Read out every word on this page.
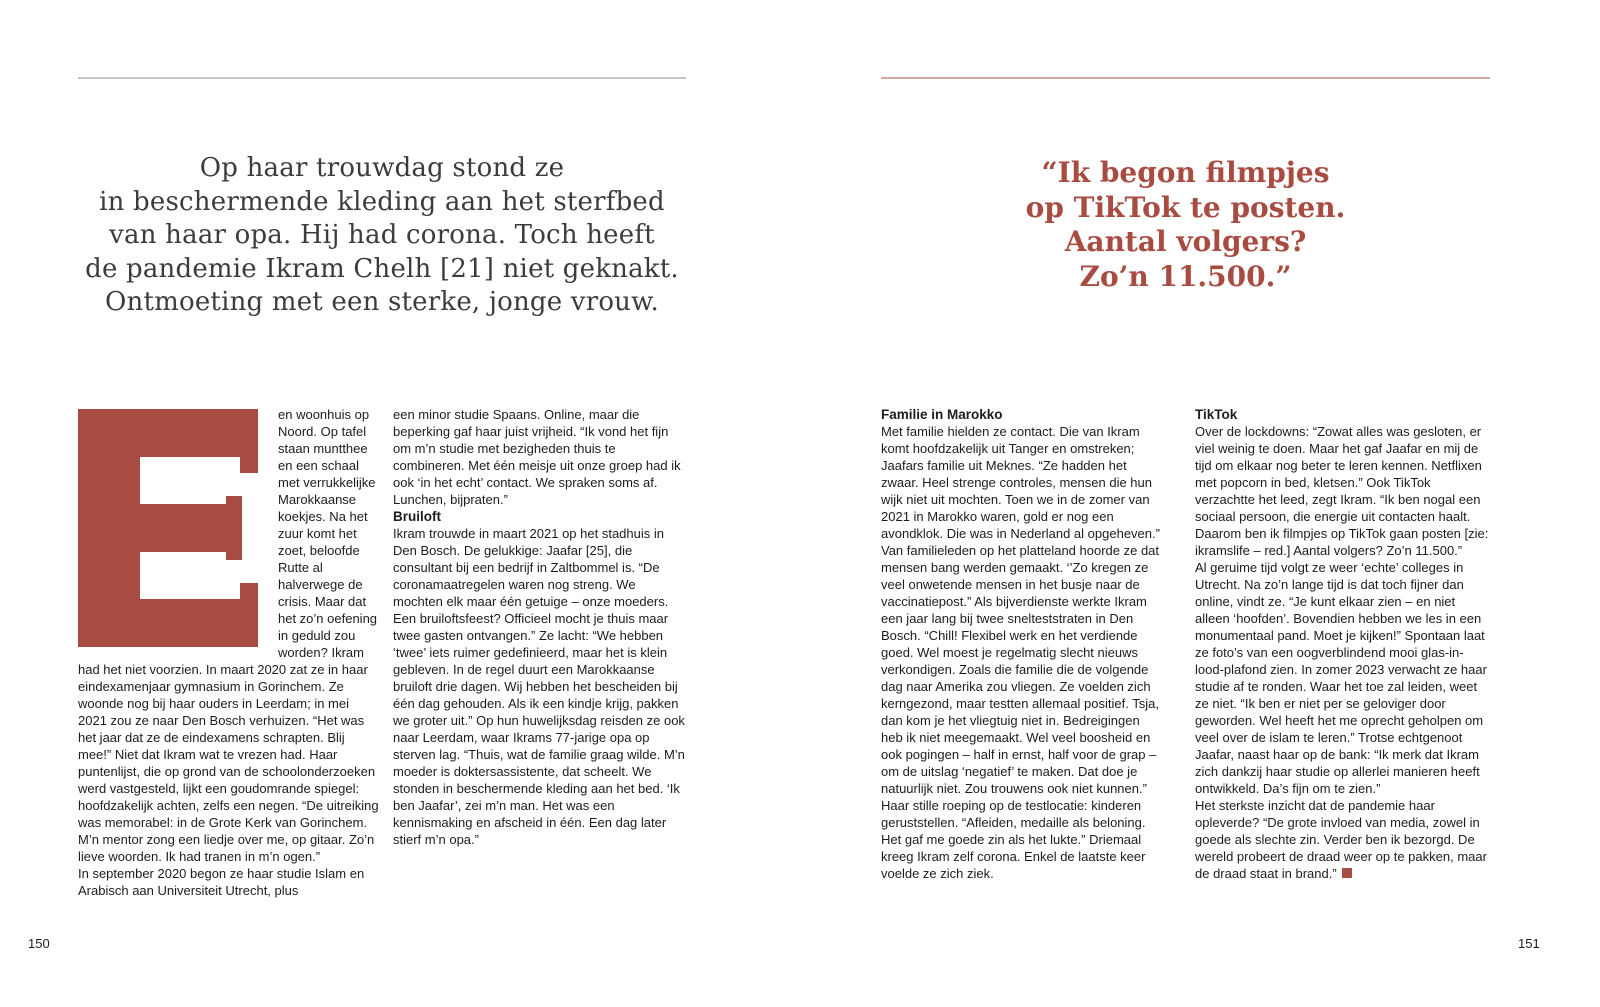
Op haar trouwdag stond ze
in beschermende kleding aan het sterfbed
van haar opa. Hij had corona. Toch heeft
de pandemie Ikram Chelh [21] niet geknakt.
Ontmoeting met een sterke, jonge vrouw.
“Ik begon filmpjes
op TikTok te posten.
Aantal volgers?
Zo’n 11.500.”

en woonhuis op Noord. Op tafel staan muntthee en een schaal met verrukkelijke Marokkaanse koekjes. Na het zuur komt het zoet, beloofde Rutte al halverwege de crisis. Maar dat het zo’n oefening in geduld zou worden? Ikram had het niet voorzien. In maart 2020 zat ze in haar eindexamenjaar gymnasium in Gorinchem. Ze woonde nog bij haar ouders in Leerdam; in mei 2021 zou ze naar Den Bosch verhuizen. “Het was het jaar dat ze de eindexamens schrapten. Blij mee!” Niet dat Ikram wat te vrezen had. Haar puntenlijst, die op grond van de schoolonderzoeken werd vastgesteld, lijkt een goudomrande spiegel: hoofdzakelijk achten, zelfs een negen. “De uitreiking was memorabel: in de Grote Kerk van Gorinchem. M’n mentor zong een liedje over me, op gitaar. Zo’n lieve woorden. Ik had tranen in m’n ogen.”

In september 2020 begon ze haar studie Islam en Arabisch aan Universiteit Utrecht, plus

een minor studie Spaans. Online, maar die beperking gaf haar juist vrijheid. “Ik vond het fijn om m’n studie met bezigheden thuis te combineren. Met één meisje uit onze groep had ik ook ‘in het echt’ contact. We spraken soms af. Lunchen, bijpraten.”

Bruiloft

Ikram trouwde in maart 2021 op het stadhuis in Den Bosch. De gelukkige: Jaafar [25], die consultant bij een bedrijf in Zaltbommel is. “De coronamaatregelen waren nog streng. We mochten elk maar één getuige – onze moeders. Een bruiloftsfeest? Officieel mocht je thuis maar twee gasten ontvangen.” Ze lacht: “We hebben ‘twee’ iets ruimer gedefinieerd, maar het is klein gebleven. In de regel duurt een Marokkaanse bruiloft drie dagen. Wij hebben het bescheiden bij één dag gehouden. Als ik een kindje krijg, pakken we groter uit.” Op hun huwelijksdag reisden ze ook naar Leerdam, waar Ikrams 77-jarige opa op sterven lag. “Thuis, wat de familie graag wilde. M’n moeder is doktersassistente, dat scheelt. We stonden in beschermende kleding aan het bed. ‘Ik ben Jaafar’, zei m’n man. Het was een kennismaking en afscheid in één. Een dag later stierf m’n opa.”

Familie in Marokko

Met familie hielden ze contact. Die van Ikram komt hoofdzakelijk uit Tanger en omstreken; Jaafars familie uit Meknes. “Ze hadden het zwaar. Heel strenge controles, mensen die hun wijk niet uit mochten. Toen we in de zomer van 2021 in Marokko waren, gold er nog een avondklok. Die was in Nederland al opgeheven.” Van familieleden op het platteland hoorde ze dat mensen bang werden gemaakt. ‘’Zo kregen ze veel onwetende mensen in het busje naar de vaccinatiepost.” Als bijverdienste werkte Ikram een jaar lang bij twee snelteststraten in Den Bosch. “Chill! Flexibel werk en het verdiende goed. Wel moest je regelmatig slecht nieuws verkondigen. Zoals die familie die de volgende dag naar Amerika zou vliegen. Ze voelden zich kerngezond, maar testten allemaal positief. Tsja, dan kom je het vliegtuig niet in. Bedreigingen heb ik niet meegemaakt. Wel veel boosheid en ook pogingen – half in ernst, half voor de grap – om de uitslag ‘negatief’ te maken. Dat doe je natuurlijk niet. Zou trouwens ook niet kunnen.” Haar stille roeping op de testlocatie: kinderen geruststellen. “Afleiden, medaille als beloning. Het gaf me goede zin als het lukte.” Driemaal kreeg Ikram zelf corona. Enkel de laatste keer voelde ze zich ziek.

TikTok

Over de lockdowns: “Zowat alles was gesloten, er viel weinig te doen. Maar het gaf Jaafar en mij de tijd om elkaar nog beter te leren kennen. Netflixen met popcorn in bed, kletsen.” Ook TikTok verzachtte het leed, zegt Ikram. “Ik ben nogal een sociaal persoon, die energie uit contacten haalt. Daarom ben ik filmpjes op TikTok gaan posten [zie: ikramslife – red.] Aantal volgers? Zo’n 11.500.”

Al geruime tijd volgt ze weer ‘echte’ colleges in Utrecht. Na zo’n lange tijd is dat toch fijner dan online, vindt ze. “Je kunt elkaar zien – en niet alleen ‘hoofden’. Bovendien hebben we les in een monumentaal pand. Moet je kijken!” Spontaan laat ze foto’s van een oogverblindend mooi glas-in-lood-plafond zien. In zomer 2023 verwacht ze haar studie af te ronden. Waar het toe zal leiden, weet ze niet. “Ik ben er niet per se geloviger door geworden. Wel heeft het me oprecht geholpen om veel over de islam te leren.” Trotse echtgenoot Jaafar, naast haar op de bank: “Ik merk dat Ikram zich dankzij haar studie op allerlei manieren heeft ontwikkeld. Da’s fijn om te zien.”

Het sterkste inzicht dat de pandemie haar opleverde? “De grote invloed van media, zowel in goede als slechte zin. Verder ben ik bezorgd. De wereld probeert de draad weer op te pakken, maar de draad staat in brand.”

150	151
